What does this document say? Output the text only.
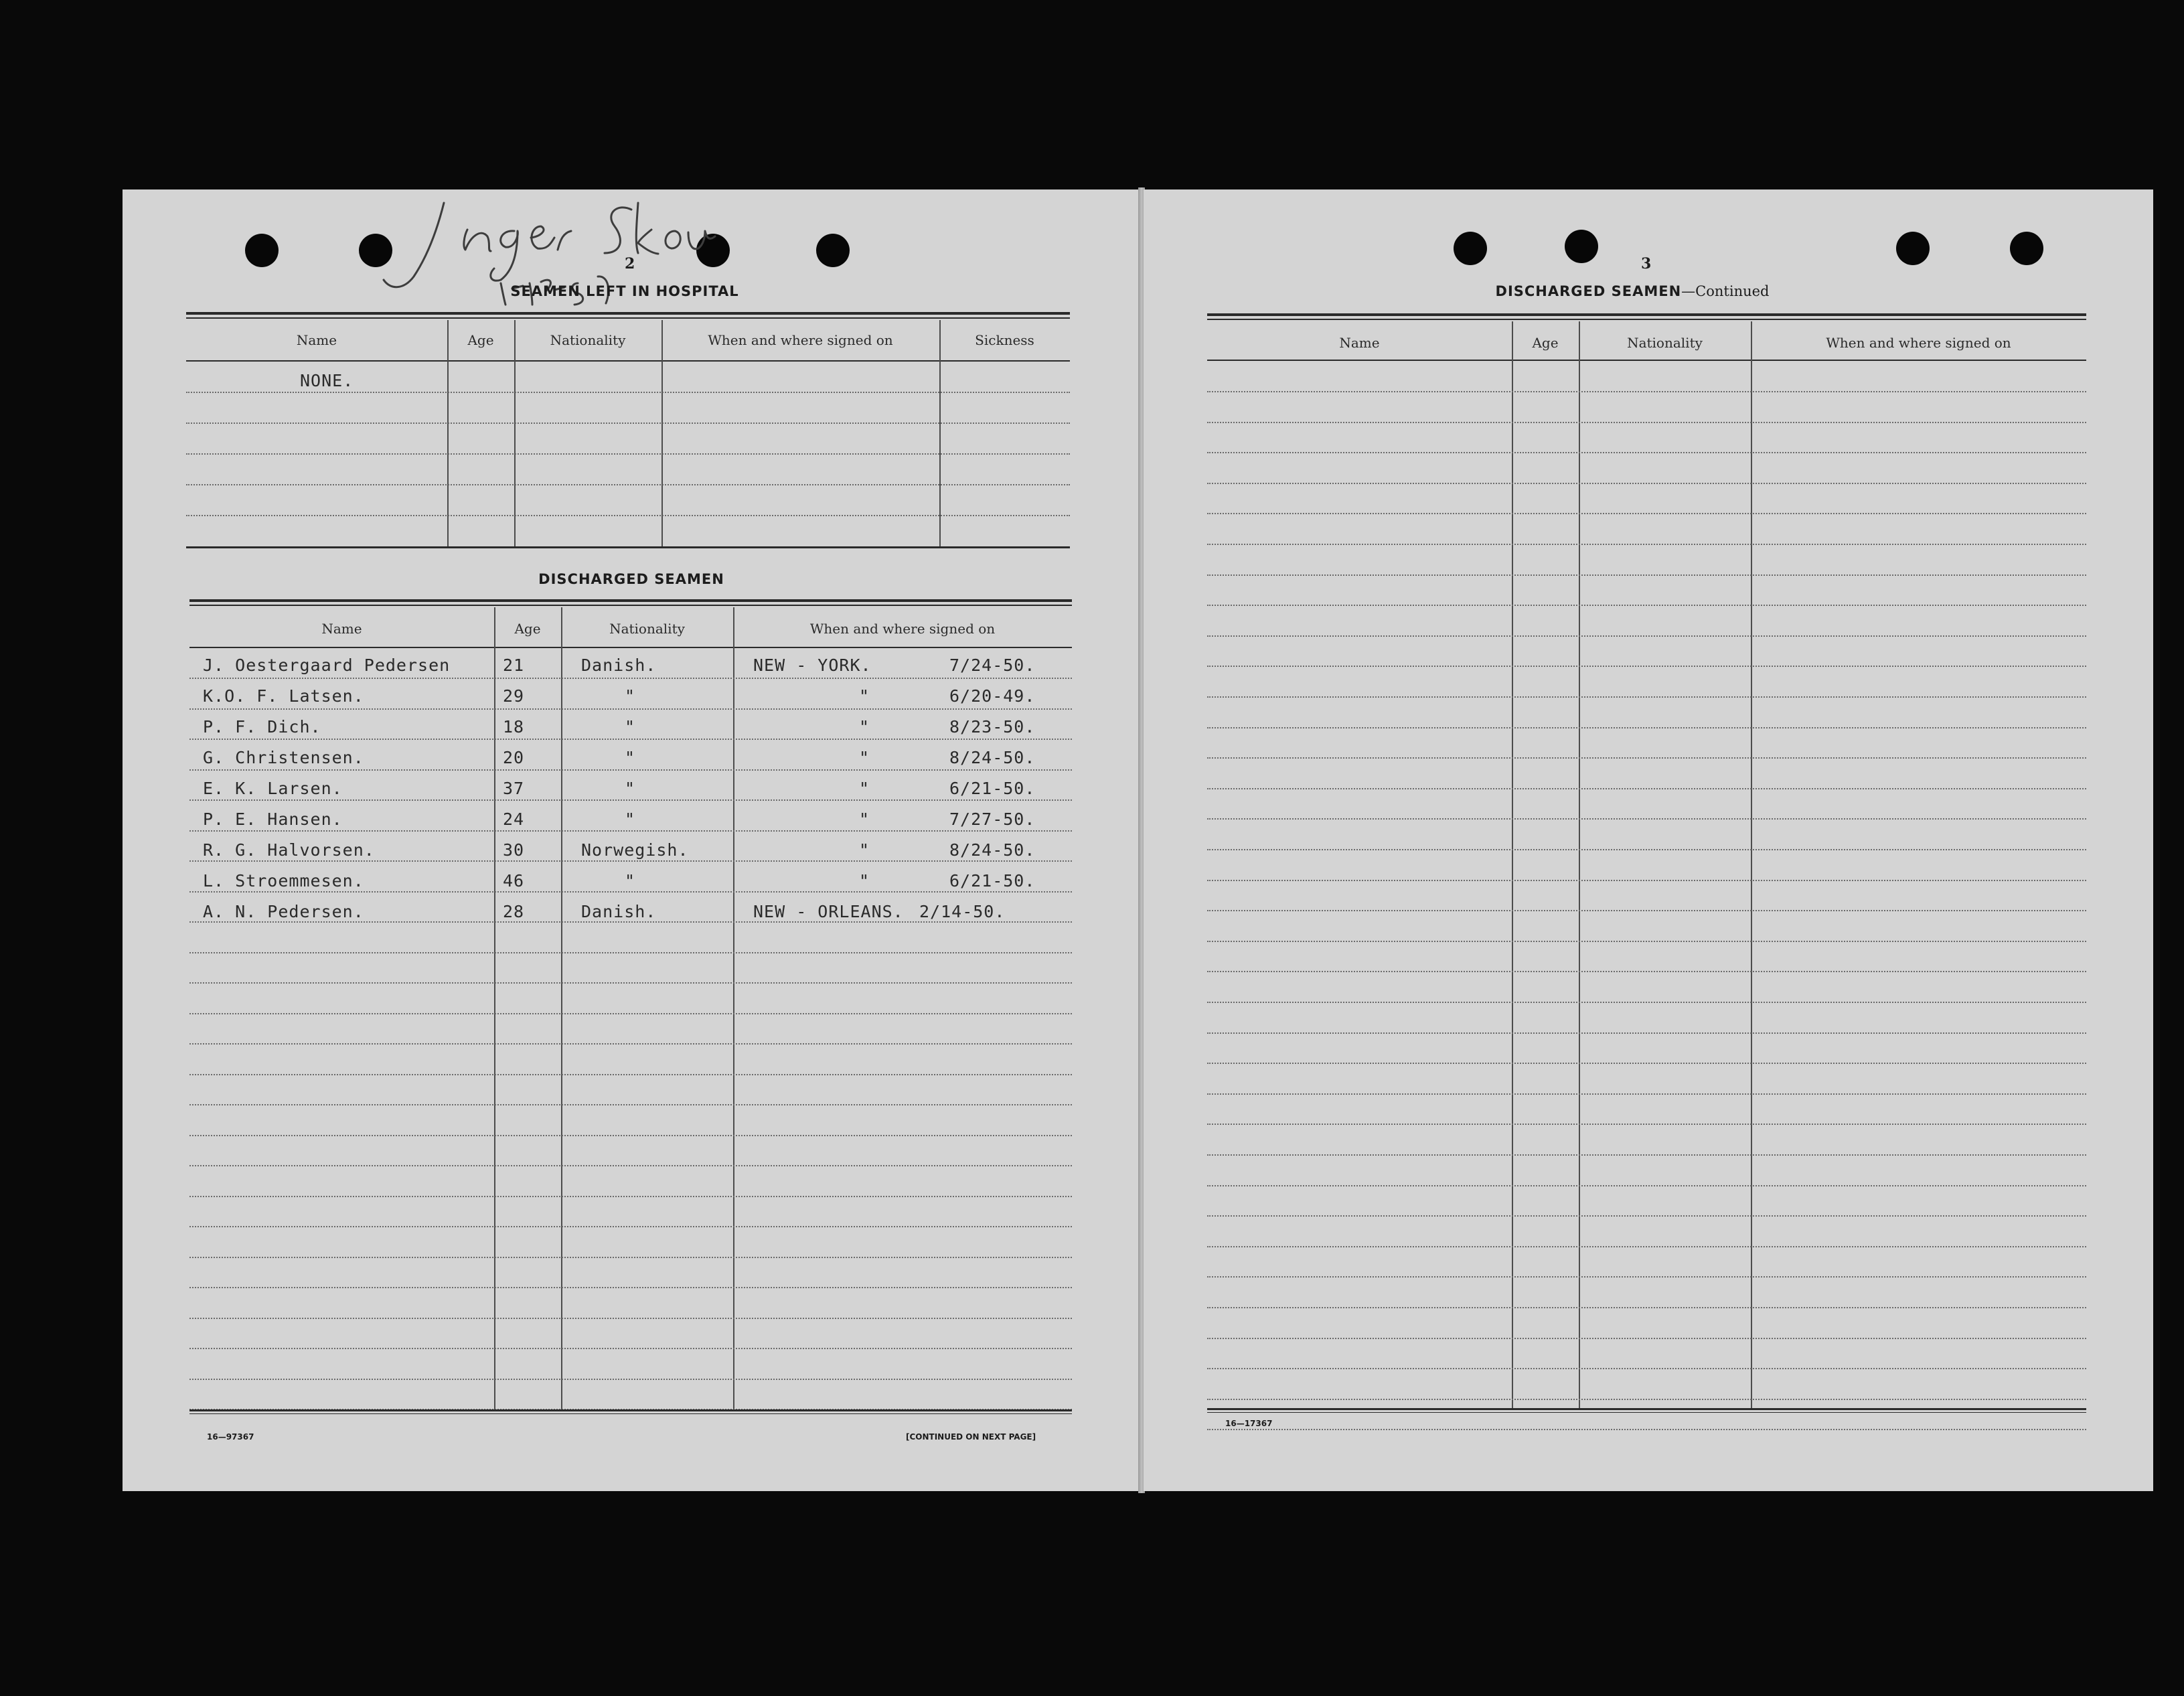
2
SEAMEN LEFT IN HOSPITAL
Name	Age	Nationality	When and where signed on	Sickness
NONE.
DISCHARGED SEAMEN
Name	Age	Nationality	When and where signed on
J. Oestergaard Pedersen	21	Danish.	NEW - YORK.	7/24-50.
K.O. F. Latsen.	29	"	"	6/20-49.
P. F. Dich.	18	"	"	8/23-50.
G. Christensen.	20	"	"	8/24-50.
E. K. Larsen.	37	"	"	6/21-50.
P. E. Hansen.	24	"	"	7/27-50.
R. G. Halvorsen.	30	Norwegish.	"	8/24-50.
L. Stroemmesen.	46	"	"	6/21-50.
A. N. Pedersen.	28	Danish.	NEW - ORLEANS. 2/14-50.
16—97367	[CONTINUED ON NEXT PAGE]
3
DISCHARGED SEAMEN—Continued
Name	Age	Nationality	When and where signed on
16—17367
